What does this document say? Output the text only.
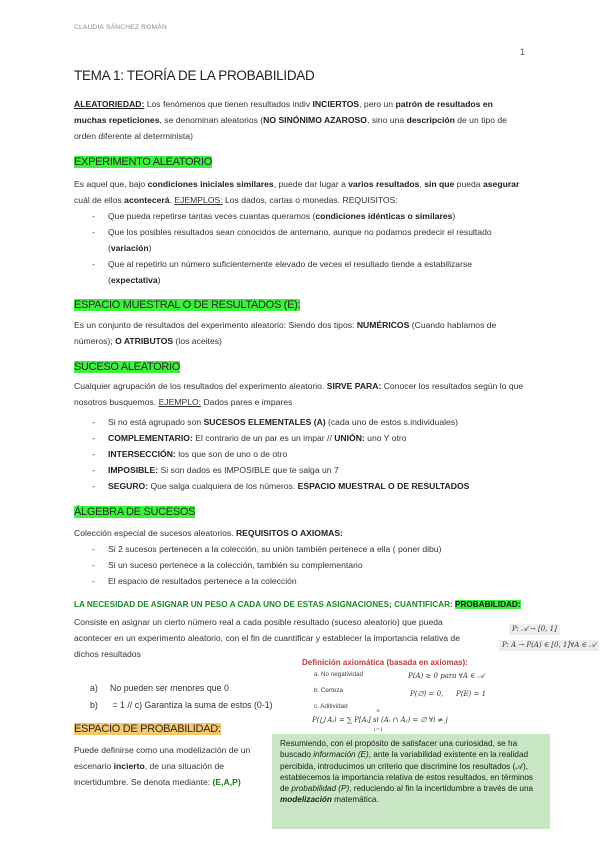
CLAUDIA SÁNCHEZ ROMÁN
1
TEMA 1: TEORÍA DE LA PROBABILIDAD
ALEATORIEDAD: Los fenómenos que tienen resultados indiv INCIERTOS, pero un patrón de resultados en muchas repeticiones, se denominan aleatorios (NO SINÓNIMO AZAROSO, sino una descripción de un tipo de orden diferente al determinista)
EXPERIMENTO ALEATORIO
Es aquel que, bajo condiciones iniciales similares, puede dar lugar a varios resultados, sin que pueda asegurar cuál de ellos acontecerá. EJEMPLOS: Los dados, cartas o monedas. REQUISITOS:
- Que pueda repetirse tantas veces cuantas queramos (condiciones idénticas o similares)
- Que los posibles resultados sean conocidos de antemano, aunque no podamos predecir el resultado (variación)
- Que al repetirlo un número suficientemente elevado de veces el resultado tiende a estabilizarse (expectativa)
ESPACIO MUESTRAL O DE RESULTADOS (E):
Es un conjunto de resultados del experimento aleatorio: Siendo dos tipos: NUMÉRICOS (Cuando hablamos de números); O ATRIBUTOS (los aceites)
SUCESO ALEATORIO
Cualquier agrupación de los resultados del experimento aleatorio. SIRVE PARA: Conocer los resultados según lo que nosotros busquemos. EJEMPLO: Dados pares e impares
- Si no está agrupado son SUCESOS ELEMENTALES (A) (cada uno de estos s.individuales)
- COMPLEMENTARIO: El contrario de un par es un impar // UNIÓN: uno Y otro
- INTERSECCIÓN: los que son de uno o de otro
- IMPOSIBLE: Si son dados es IMPOSIBLE que te salga un 7
- SEGURO: Que salga cualquiera de los números. ESPACIO MUESTRAL O DE RESULTADOS
ÁLGEBRA DE SUCESOS
Colección especial de sucesos aleatorios. REQUISITOS O AXIOMAS:
- Si 2 sucesos pertenecen a la colección, su unión también pertenece a ella ( poner dibu)
- Si un suceso pertenece a la colección, también su complementario
- El espacio de resultados pertenece a la colección
LA NECESIDAD DE ASIGNAR UN PESO A CADA UNO DE ESTAS ASIGNACIONES; CUANTIFICAR: PROBABILIDAD:
Consiste en asignar un cierto número real a cada posible resultado (suceso aleatorio) que pueda acontecer en un experimento aleatorio, con el fin de cuantificar y establecer la importancia relativa de dichos resultados
P: 𝒜 → [0, 1]
P: A → P(A) ∈ [0, 1]∀A ∈ 𝒜
a) No pueden ser menores que 0
b) = 1 // c) Garantiza la suma de estos (0-1)
Definición axiomática (basada en axiomas):
a. No negatividad
b. Certeza
c. Aditividad
P(A) ≥ 0 para ∀A ∈ 𝒜
P(∅) = 0, P(E) = 1
P(⋃ Aᵢ) = ∑ P[Aᵢ] si (Aᵢ ∩ Aⱼ) = ∅ ∀i ≠ j
∞
i=1
ESPACIO DE PROBABILIDAD:
Puede definirse como una modelización de un escenario incierto, de una situación de incertidumbre. Se denota mediante: (E,A,P)
Resumiendo, con el propósito de satisfacer una curiosidad, se ha buscado información (E), ante la variabilidad existente en la realidad percibida, introducimos un criterio que discrimine los resultados (𝒜), establecemos la importancia relativa de estos resultados, en términos de probabilidad (P), reduciendo al fin la incertidumbre a través de una modelización matemática.
